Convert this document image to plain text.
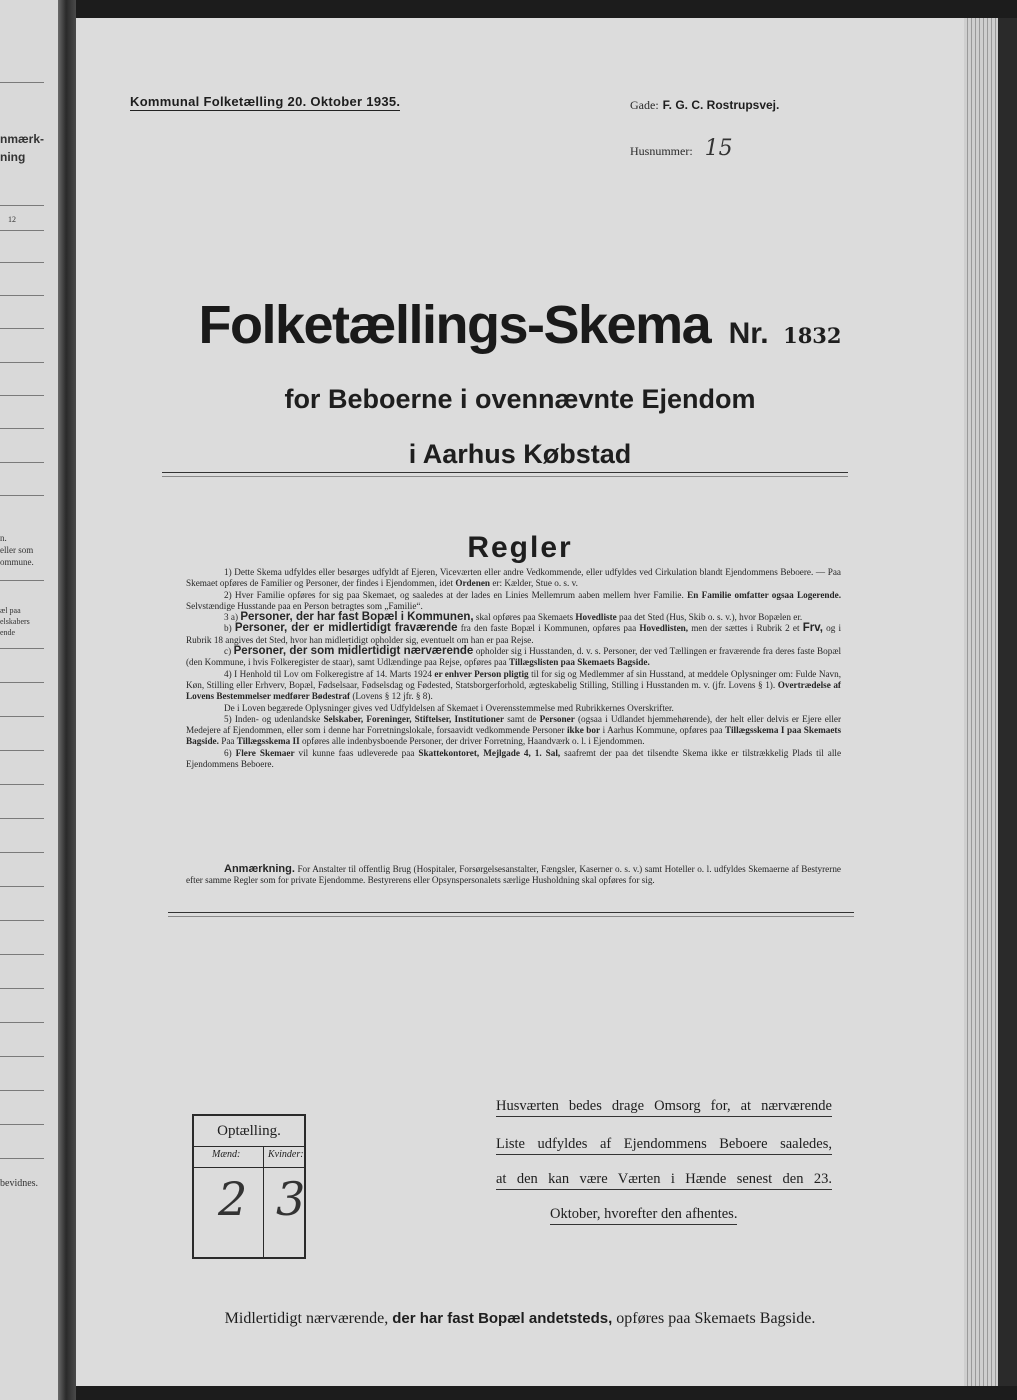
nmærk-
ning
12
n.
eller som
ommune.
æl paa
elskabers
ende
bevidnes.
Kommunal Folketælling 20. Oktober 1935.	Gade: F. G. C. Rostrupsvej.
Husnummer: 15
Folketællings-Skema Nr. 1832
for Beboerne i ovennævnte Ejendom
i Aarhus Købstad
Regler

1) Dette Skema udfyldes eller besørges udfyldt af Ejeren, Viceværten eller andre Vedkommende, eller udfyldes ved Cirkulation blandt Ejendommens Beboere. — Paa Skemaet opføres de Familier og Personer, der findes i Ejendommen, idet Ordenen er: Kælder, Stue o. s. v.

2) Hver Familie opføres for sig paa Skemaet, og saaledes at der lades en Linies Mellemrum aaben mellem hver Familie. En Familie omfatter ogsaa Logerende. Selvstændige Husstande paa en Person betragtes som „Familie“.

3 a) Personer, der har fast Bopæl i Kommunen, skal opføres paa Skemaets Hovedliste paa det Sted (Hus, Skib o. s. v.), hvor Bopælen er.

b) Personer, der er midlertidigt fraværende fra den faste Bopæl i Kommunen, opføres paa Hovedlisten, men der sættes i Rubrik 2 et Frv, og i Rubrik 18 angives det Sted, hvor han midlertidigt opholder sig, eventuelt om han er paa Rejse.

c) Personer, der som midlertidigt nærværende opholder sig i Husstanden, d. v. s. Personer, der ved Tællingen er fraværende fra deres faste Bopæl (den Kommune, i hvis Folkeregister de staar), samt Udlændinge paa Rejse, opføres paa Tillægslisten paa Skemaets Bagside.

4) I Henhold til Lov om Folkeregistre af 14. Marts 1924 er enhver Person pligtig til for sig og Medlemmer af sin Husstand, at meddele Oplysninger om: Fulde Navn, Køn, Stilling eller Erhverv, Bopæl, Fødselsaar, Fødselsdag og Fødested, Statsborgerforhold, ægteskabelig Stilling, Stilling i Husstanden m. v. (jfr. Lovens § 1). Overtrædelse af Lovens Bestemmelser medfører Bødestraf (Lovens § 12 jfr. § 8).

De i Loven begærede Oplysninger gives ved Udfyldelsen af Skemaet i Overensstemmelse med Rubrikkernes Overskrifter.

5) Inden- og udenlandske Selskaber, Foreninger, Stiftelser, Institutioner samt de Personer (ogsaa i Udlandet hjemmehørende), der helt eller delvis er Ejere eller Medejere af Ejendommen, eller som i denne har Forretningslokale, forsaavidt vedkommende Personer ikke bor i Aarhus Kommune, opføres paa Tillægsskema I paa Skemaets Bagside. Paa Tillægsskema II opføres alle indenbysboende Personer, der driver Forretning, Haandværk o. l. i Ejendommen.

6) Flere Skemaer vil kunne faas udleverede paa Skattekontoret, Mejlgade 4, 1. Sal, saafremt der paa det tilsendte Skema ikke er tilstrækkelig Plads til alle Ejendommens Beboere.

Anmærkning. For Anstalter til offentlig Brug (Hospitaler, Forsørgelsesanstalter, Fængsler, Kaserner o. s. v.) samt Hoteller o. l. udfyldes Skemaerne af Bestyrerne efter samme Regler som for private Ejendomme. Bestyrerens eller Opsynspersonalets særlige Husholdning skal opføres for sig.

Optælling.
Mænd:	Kvinder:
2 3
Husværten bedes drage Omsorg for, at nærværende
Liste udfyldes af Ejendommens Beboere saaledes,
at den kan være Værten i Hænde senest den 23.
Oktober, hvorefter den afhentes.
Midlertidigt nærværende, der har fast Bopæl andetsteds, opføres paa Skemaets Bagside.
